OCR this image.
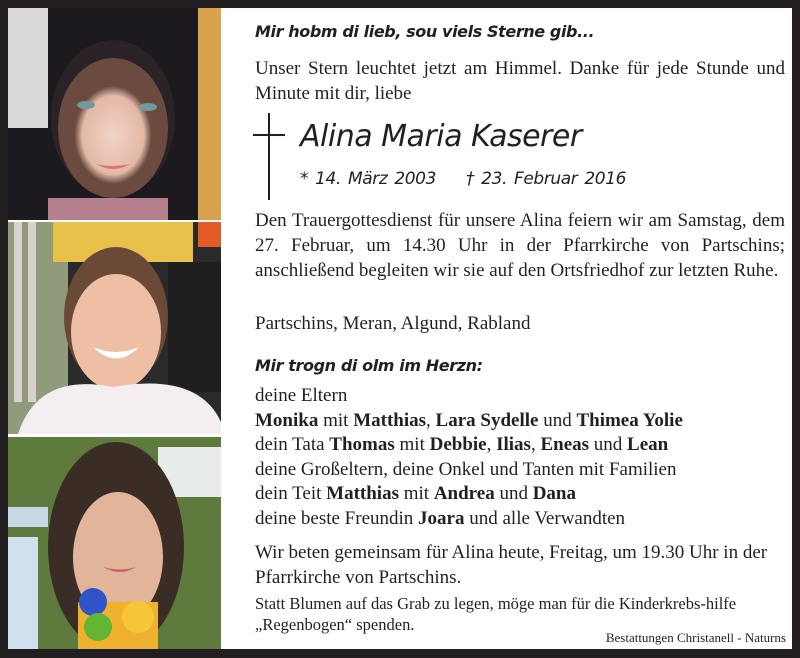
Mir hobm di lieb, sou viels Sterne gib...
Unser Stern leuchtet jetzt am Himmel. Danke für jede Stunde und Minute mit dir, liebe
Alina Maria Kaserer
* 14. März 2003 † 23. Februar 2016
Den Trauergottesdienst für unsere Alina feiern wir am Samstag, dem 27. Februar, um 14.30 Uhr in der Pfarrkirche von Partschins; anschließend begleiten wir sie auf den Ortsfriedhof zur letzten Ruhe.
Partschins, Meran, Algund, Rabland
Mir trogn di olm im Herzn:
deine Eltern
Monika mit Matthias, Lara Sydelle und Thimea Yolie
dein Tata Thomas mit Debbie, Ilias, Eneas und Lean
deine Großeltern, deine Onkel und Tanten mit Familien
dein Teit Matthias mit Andrea und Dana
deine beste Freundin Joara und alle Verwandten
Wir beten gemeinsam für Alina heute, Freitag, um 19.30 Uhr in der Pfarrkirche von Partschins.
Statt Blumen auf das Grab zu legen, möge man für die Kinderkrebs-hilfe „Regenbogen“ spenden.
Bestattungen Christanell - Naturns
